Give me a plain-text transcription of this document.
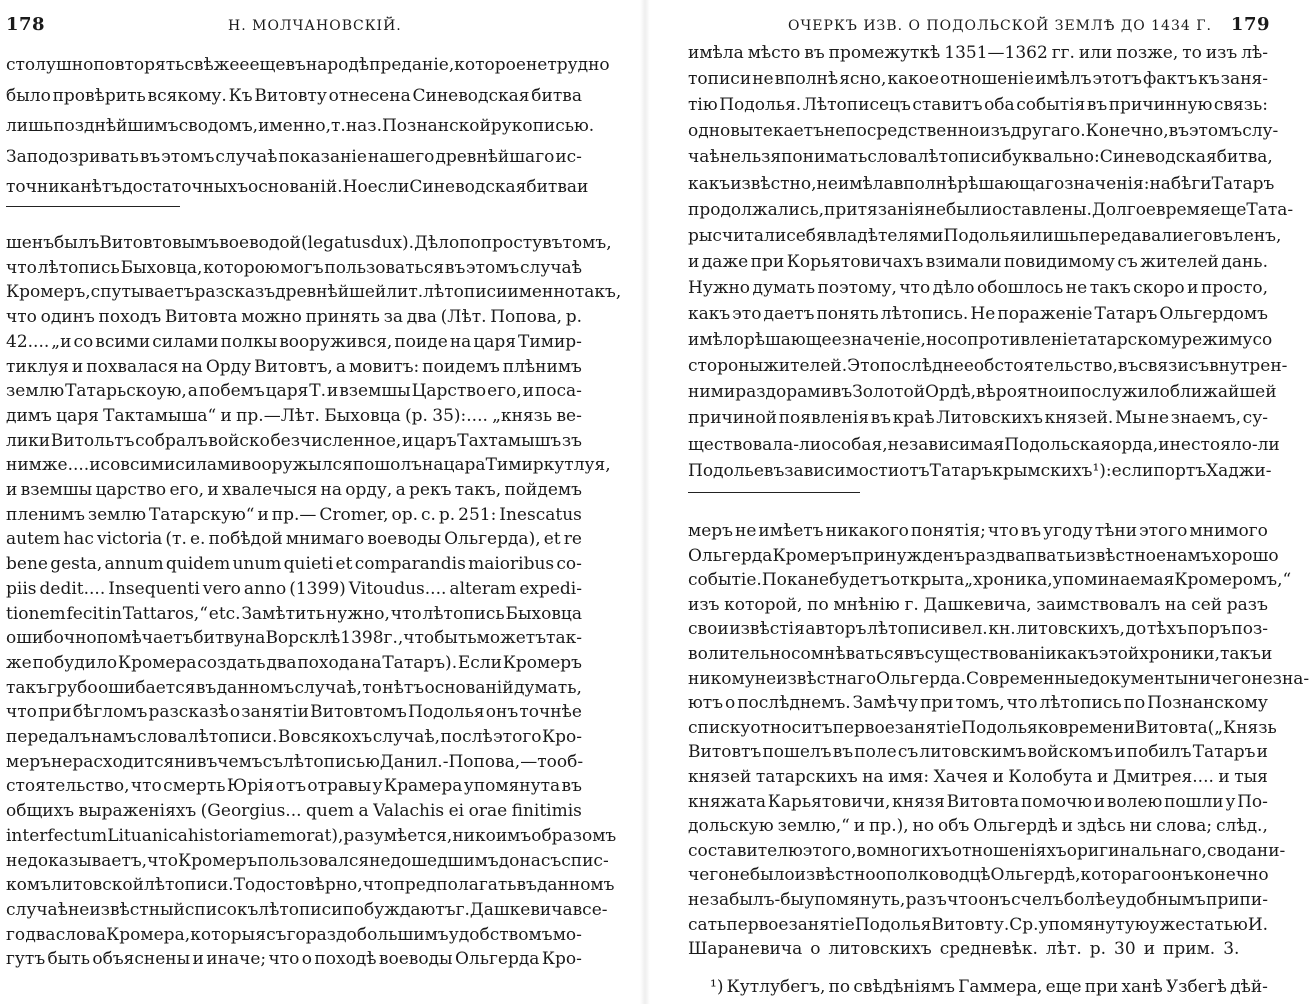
178	Н. МОЛЧАНОВСКІЙ.
столушно повторять свѣжее еще въ народѣ преданіе, которое нетрудно
было провѣрить всякому. Къ Витовту отнесена Синеводская битва
лишь позднѣйшимъ сводомъ, именно, т. наз. Познанской рукописью.
Заподозривать въ этомъ случаѣ показаніе нашего древнѣйшаго ис-
точника нѣтъ достаточныхъ основаній. Но если Синеводская битва и
шенъ былъ Витовтовымъ воеводой (legatus dux). Дѣло попросту въ томъ,
что лѣтопись Быховца, которою могъ пользоваться въ этомъ случаѣ
Кромеръ, спутываетъ разсказъ древнѣйшей лит. лѣтописи именно такъ,
что одинъ походъ Витовта можно принять за два (Лѣт. Попова, р.
42.... „и со всими силами полкы вооружився, поиде на царя Тимир-
тиклуя и похвалася на Орду Витовтъ, а мовитъ: поидемъ плѣнимъ
землю Татарьскоую, а побемъ царя Т. и вземшы Царство его, и поса-
димъ царя Тактамыша“ и пр.—Лѣт. Быховца (р. 35):.... „князь ве-
лики Витольтъ собралъ войско безчисленное, и царъ Тахтамышъ зъ
нимже.... и совсими силами вооружылся пошолъ на цара Тимиркутлуя,
и вземшы царство его, и хвалечыся на орду, а рекъ такъ, пойдемъ
пленимъ землю Татарскую“ и пр.— Cromer, op. c. p. 251: Inescatus
autem hac victoria (т. е. побѣдой мнимаго воеводы Ольгерда), et re
bene gesta, annum quidem unum quieti et comparandis maioribus co-
piis dedit.... Insequenti vero anno (1399) Vitoudus.... alteram expedi-
tionem fecit in Tattaros,“ etc. Замѣтить нужно, что лѣтопись Быховца
ошибочно помѣчаетъ битву на Ворсклѣ 1398 г., что быть можетъ так-
же побудило Кромера создать два похода на Татаръ). Если Кромеръ
такъ грубо ошибается въ данномъ случаѣ, то нѣтъ основаній думать,
что при бѣгломъ разсказѣ о занятіи Витовтомъ Подолья онъ точнѣе
передалъ намъ слова лѣтописи. Во всякохъ случаѣ, послѣ этого Кро-
меръ не расходится ни въ чемъ съ лѣтописью Данил.-Попова,—то об-
стоятельство, что смерть Юрія отъ отравы у Крамера упомянута въ
общихъ выраженіяхъ (Georgius... quem a Valachis ei orae finitimis
interfectum Lituanica historia memorat), разумѣется, никоимъ образомъ
не доказываетъ, что Кромеръ пользовался недошедшимъ до насъ спис-
комъ литовской лѣтописи. То достовѣрно, что предполагать въ данномъ
случаѣ неизвѣстный списокъ лѣтописи побуждаютъ г. Дашкевича все-
го два слова Кромера, которыя съ гораздо большимъ удобствомъ мо-
гутъ быть объяснены и иначе; что о походѣ воеводы Ольгерда Кро-
ОЧЕРКЪ ИЗВ. О ПОДОЛЬСКОЙ ЗЕМЛѢ ДО 1434 Г. 179
имѣла мѣсто въ промежуткѣ 1351—1362 гг. или позже, то изъ лѣ-
тописи не вполнѣ ясно, какое отношеніе имѣлъ этотъ фактъ къ заня-
тію Подолья. Лѣтописецъ ставитъ оба событія въ причинную связь:
одно вытекаетъ непосредственно изъ другаго. Конечно, въ этомъ слу-
чаѣ нельзя понимать слова лѣтописи буквально: Синеводская битва,
какъ извѣстно, не имѣла вполнѣ рѣшающаго значенія: набѣги Татаръ
продолжались, притязанія не были оставлены. Долгое время еще Тата-
ры считали себя владѣтелями Подолья и лишь передавали его въ ленъ,
и даже при Корьятовичахъ взимали повидимому съ жителей дань.
Нужно думать поэтому, что дѣло обошлось не такъ скоро и просто,
какъ это даетъ понять лѣтопись. Не пораженіе Татаръ Ольгердомъ
имѣло рѣшающее значеніе, но сопротивленіе татарскому режиму со
стороны жителей. Это послѣднее обстоятельство, въ связи съ внутрен-
ними раздорами въ Золотой Ордѣ, вѣроятно и послужило ближайшей
причиной появленія въ краѣ Литовскихъ князей. Мы не знаемъ, су-
ществовала-ли особая, независимая Подольская орда, и не стояло-ли
Подолье въ зависимости отъ Татаръ крымскихъ ¹): если портъ Хаджи-
меръ не имѣетъ никакого понятія; что въ угоду тѣни этого мнимого
Ольгерда Кромеръ принужденъ раздвапвать извѣстное намъ хорошо
событіе. Пока не будетъ открыта „хроника, упоминаемая Кромеромъ,“
изъ которой, по мнѣнію г. Дашкевича, заимствовалъ на сей разъ
свои извѣстія авторъ лѣтописи вел. кн. литовскихъ, до тѣхъ поръ поз-
волительно сомнѣваться въ существованіи какъ этой хроники, такъ и
никому неизвѣстнаго Ольгерда. Современные документы ничего не зна-
ютъ о послѣднемъ. Замѣчу при томъ, что лѣтопись по Познанскому
списку относитъ первое занятіе Подолья ко времени Витовта („Князь
Витовтъ пошелъ въ поле съ литовскимъ войскомъ и побилъ Татаръ и
князей татарскихъ на имя: Хачея и Колобута и Дмитрея.... и тыя
княжата Карьятовичи, князя Витовта помочю и волею пошли у По-
дольскую землю,“ и пр.), но объ Ольгердѣ и здѣсь ни слова; слѣд.,
составителю этого, во многихъ отношеніяхъ оригинальнаго, свода ни-
чего не было извѣстно о полководцѣ Ольгердѣ, котораго онъ конечно
не забылъ-бы упомянуть, разъ что онъ счелъ болѣе удобнымъ припи-
сать первое занятіе Подолья Витовту. Ср. упомянутую уже статью И.
Шараневича о литовскихъ средневѣк. лѣт. р. 30 и прим. 3.
¹) Кутлубегъ, по свѣдѣніямъ Гаммера, еще при ханѣ Узбегѣ дѣй-
